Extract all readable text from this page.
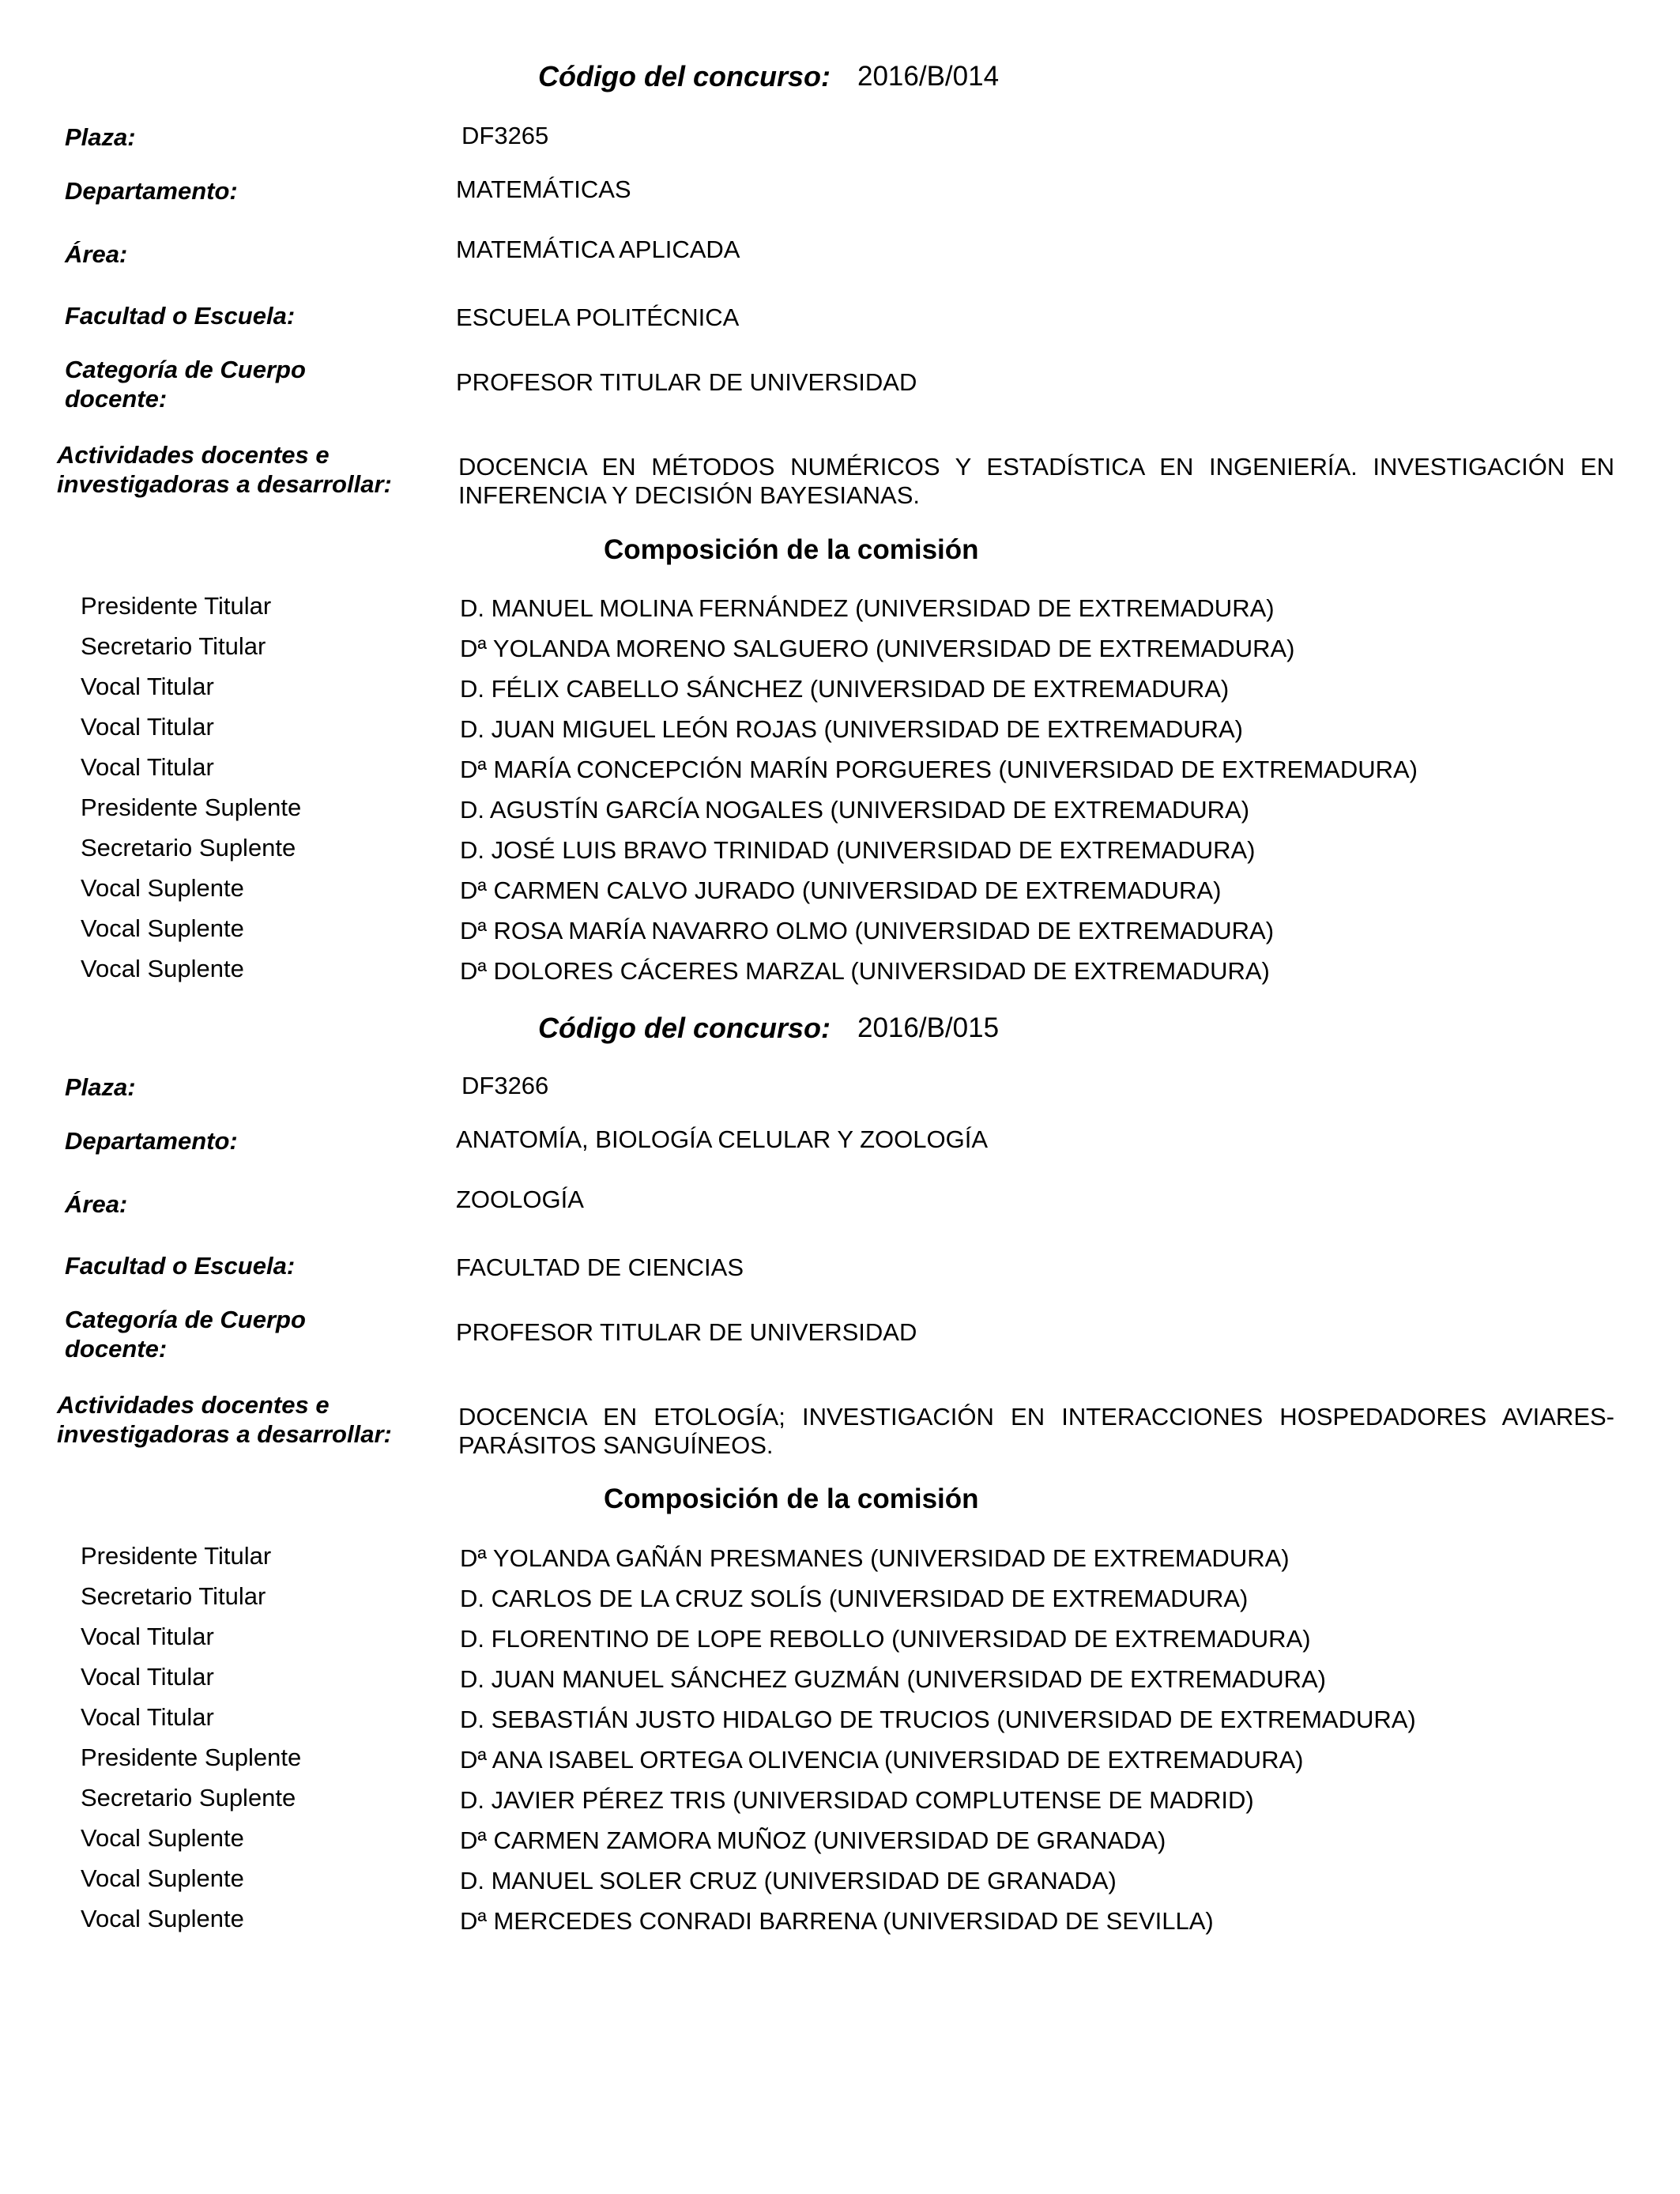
Código del concurso: 2016/B/014
Plaza:	DF3265
Departamento:	MATEMÁTICAS
Área:	MATEMÁTICA APLICADA
Facultad o Escuela:	ESCUELA POLITÉCNICA
Categoría de Cuerpo
docente:
PROFESOR TITULAR DE UNIVERSIDAD
Actividades docentes e
investigadoras a desarrollar:
DOCENCIA EN MÉTODOS NUMÉRICOS Y ESTADÍSTICA EN INGENIERÍA. INVESTIGACIÓN EN
INFERENCIA Y DECISIÓN BAYESIANAS.
Composición de la comisión
Presidente Titular	D. MANUEL MOLINA FERNÁNDEZ (UNIVERSIDAD DE EXTREMADURA)
Secretario Titular	Dª YOLANDA MORENO SALGUERO (UNIVERSIDAD DE EXTREMADURA)
Vocal Titular	D. FÉLIX CABELLO SÁNCHEZ (UNIVERSIDAD DE EXTREMADURA)
Vocal Titular	D. JUAN MIGUEL LEÓN ROJAS (UNIVERSIDAD DE EXTREMADURA)
Vocal Titular	Dª MARÍA CONCEPCIÓN MARÍN PORGUERES (UNIVERSIDAD DE EXTREMADURA)
Presidente Suplente	D. AGUSTÍN GARCÍA NOGALES (UNIVERSIDAD DE EXTREMADURA)
Secretario Suplente	D. JOSÉ LUIS BRAVO TRINIDAD (UNIVERSIDAD DE EXTREMADURA)
Vocal Suplente	Dª CARMEN CALVO JURADO (UNIVERSIDAD DE EXTREMADURA)
Vocal Suplente	Dª ROSA MARÍA NAVARRO OLMO (UNIVERSIDAD DE EXTREMADURA)
Vocal Suplente	Dª DOLORES CÁCERES MARZAL (UNIVERSIDAD DE EXTREMADURA)
Código del concurso: 2016/B/015
Plaza:	DF3266
Departamento:	ANATOMÍA, BIOLOGÍA CELULAR Y ZOOLOGÍA
Área:	ZOOLOGÍA
Facultad o Escuela:	FACULTAD DE CIENCIAS
Categoría de Cuerpo
docente:
PROFESOR TITULAR DE UNIVERSIDAD
Actividades docentes e
investigadoras a desarrollar:
DOCENCIA EN ETOLOGÍA; INVESTIGACIÓN EN INTERACCIONES HOSPEDADORES AVIARES-
PARÁSITOS SANGUÍNEOS.
Composición de la comisión
Presidente Titular	Dª YOLANDA GAÑÁN PRESMANES (UNIVERSIDAD DE EXTREMADURA)
Secretario Titular	D. CARLOS DE LA CRUZ SOLÍS (UNIVERSIDAD DE EXTREMADURA)
Vocal Titular	D. FLORENTINO DE LOPE REBOLLO (UNIVERSIDAD DE EXTREMADURA)
Vocal Titular	D. JUAN MANUEL SÁNCHEZ GUZMÁN (UNIVERSIDAD DE EXTREMADURA)
Vocal Titular	D. SEBASTIÁN JUSTO HIDALGO DE TRUCIOS (UNIVERSIDAD DE EXTREMADURA)
Presidente Suplente	Dª ANA ISABEL ORTEGA OLIVENCIA (UNIVERSIDAD DE EXTREMADURA)
Secretario Suplente	D. JAVIER PÉREZ TRIS (UNIVERSIDAD COMPLUTENSE DE MADRID)
Vocal Suplente	Dª CARMEN ZAMORA MUÑOZ (UNIVERSIDAD DE GRANADA)
Vocal Suplente	D. MANUEL SOLER CRUZ (UNIVERSIDAD DE GRANADA)
Vocal Suplente	Dª MERCEDES CONRADI BARRENA (UNIVERSIDAD DE SEVILLA)
